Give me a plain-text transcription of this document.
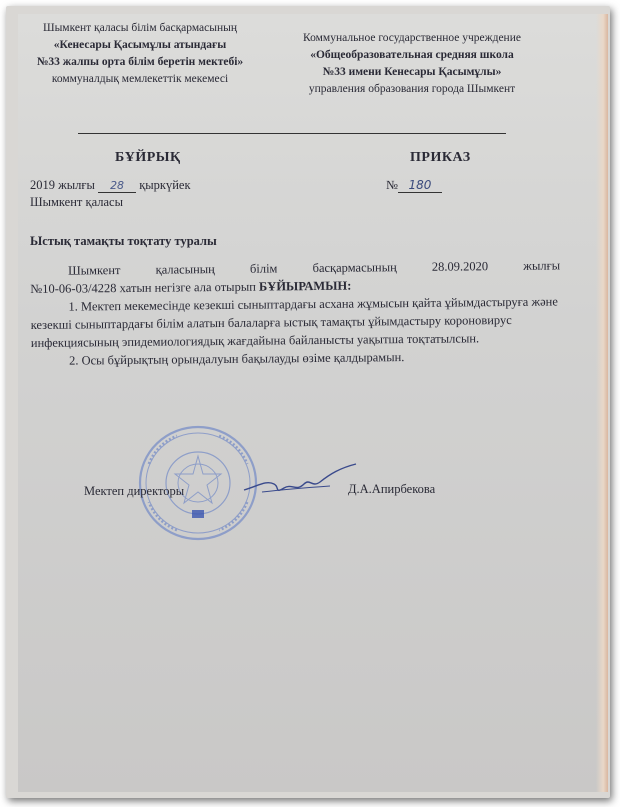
Шымкент қаласы білім басқармасының
«Кенесары Қасымұлы атындағы
№33 жалпы орта білім беретін мектебі»
коммуналдық мемлекеттік мекемесі
Коммунальное государственное учреждение
«Общеобразовательная средняя школа
№33 имени Кенесары Қасымұлы»
управления образования города Шымкент
БҰЙРЫҚ	ПРИКАЗ
2019 жылғы 28 қыркүйек	№ 180
Шымкент қаласы
Ыстық тамақты тоқтату туралы

Шымкент қаласының білім басқармасының 28.09.2020 жылғы
№10-06-03/4228 хатын негізге ала отырып БҰЙЫРАМЫН:

1. Мектеп мекемесінде кезекші сыныптардағы асхана жұмысын қайта ұйымдастыруға және кезекші сыныптардағы білім алатын балаларға ыстық тамақты ұйымдастыру короновирус инфекциясының эпидемиологиядық жағдайына байланысты уақытша тоқтатылсын.

2. Осы бұйрықтың орындалуын бақылауды өзіме қалдырамын.

Мектеп директоры	Д.А.Апирбекова
